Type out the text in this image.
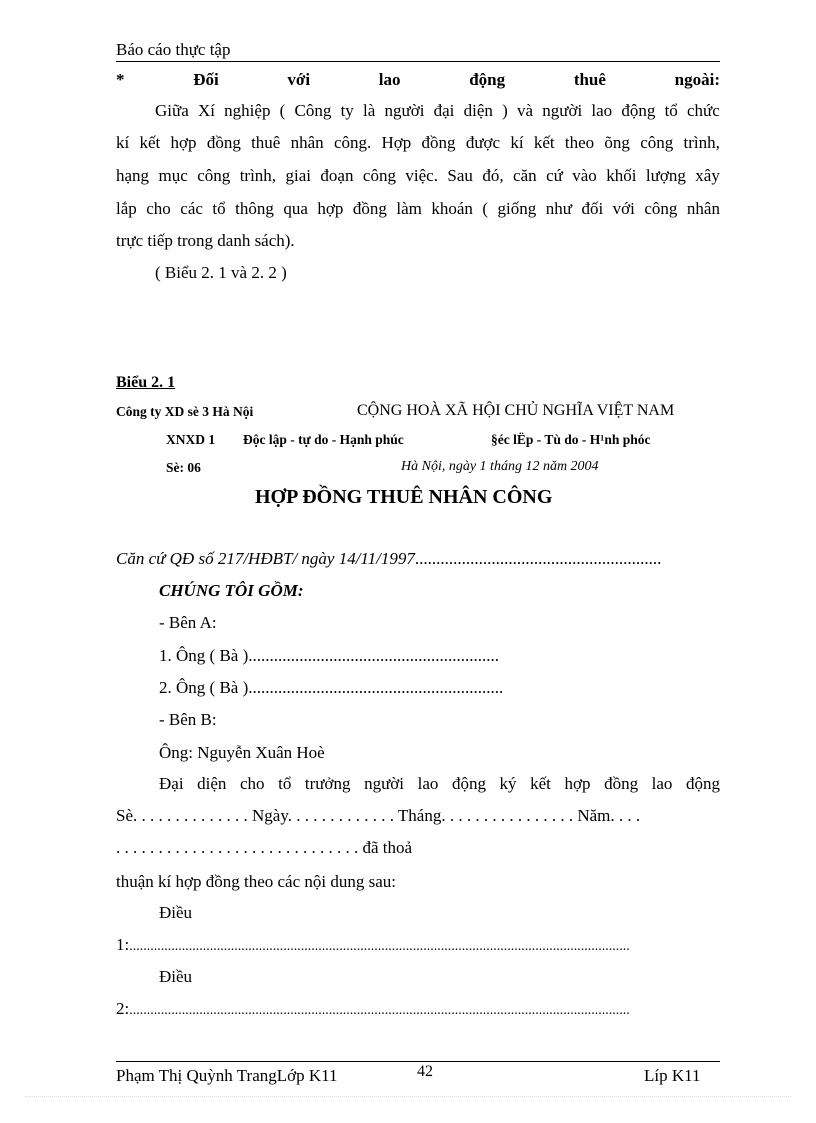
Báo cáo thực tập
*	Đối	với	lao	động	thuê	ngoài:
Giữa Xí nghiệp ( Công ty là người đại diện ) và người lao động tổ chức
kí kết hợp đồng thuê nhân công. Hợp đồng được kí kết theo õng công trình,
hạng mục công trình, giai đoạn công việc. Sau đó, căn cứ vào khối lượng xây
lắp cho các tổ thông qua hợp đồng làm khoán ( giống như đối với công nhân
trực tiếp trong danh sách).
( Biểu 2. 1 và 2. 2 )
Biểu 2. 1
Công ty XD sè 3 Hà Nội	CỘNG HOÀ XÃ HỘI CHỦ NGHĨA VIỆT NAM
XNXD 1 Độc lập - tự do - Hạnh phúc	§éc lËp - Tù do - H¹nh phóc
Sè: 06	Hà Nội, ngày 1 tháng 12 năm 2004
HỢP ĐỒNG THUÊ NHÂN CÔNG
Căn cứ QĐ số 217/HĐBT/ ngày 14/11/1997..........................................................
CHÚNG TÔI GỒM:
- Bên A:
1. Ông ( Bà )...........................................................
2. Ông ( Bà )............................................................
- Bên B:
Ông: Nguyễn Xuân Hoè
Đại diện cho tổ trưởng người lao động ký kết hợp đồng lao động
Sè. . . . . . . . . . . . . . Ngày. . . . . . . . . . . . . Tháng. . . . . . . . . . . . . . . . Năm. . . .
. . . . . . . . . . . . . . . . . . . . . . . . . . . . . đã thoả
thuận kí hợp đồng theo các nội dung sau:
Điều
1:...............................................................................................................................................
Điều
2:...............................................................................................................................................
Phạm Thị Quỳnh TrangLớp K11	42	Líp K11
